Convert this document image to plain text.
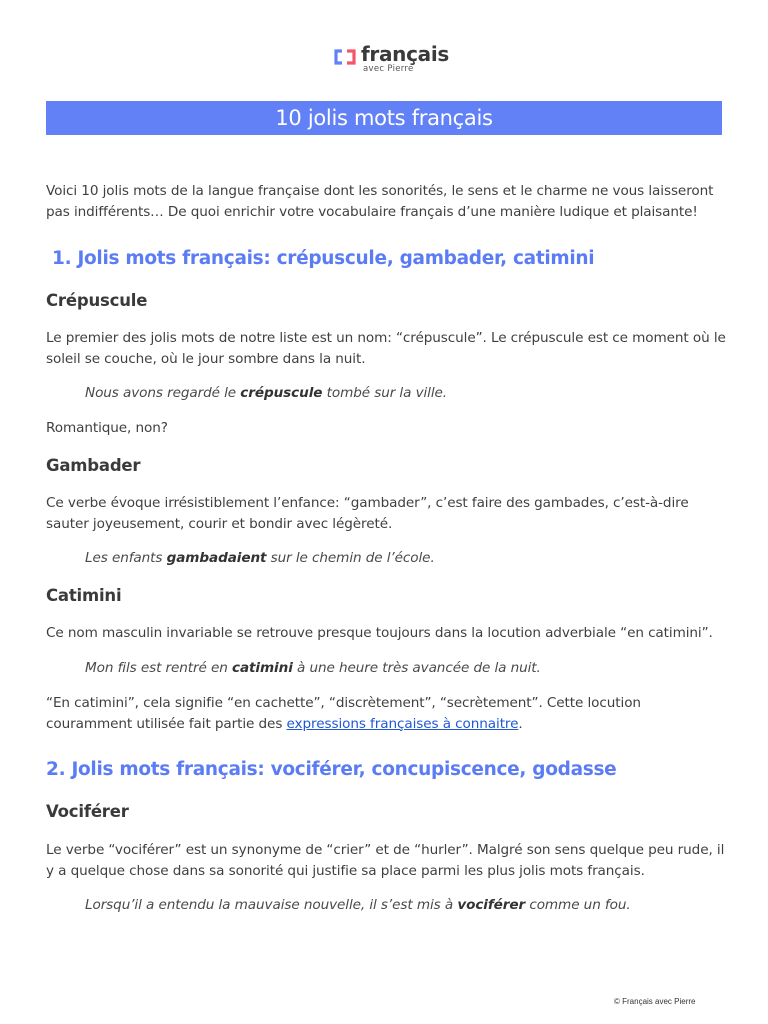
français
avec Pierre
10 jolis mots français
Voici 10 jolis mots de la langue française dont les sonorités, le sens et le charme ne vous laisseront pas indifférents… De quoi enrichir votre vocabulaire français d’une manière ludique et plaisante!
1. Jolis mots français: crépuscule, gambader, catimini
Crépuscule
Le premier des jolis mots de notre liste est un nom: “crépuscule”. Le crépuscule est ce moment où le soleil se couche, où le jour sombre dans la nuit.
Nous avons regardé le crépuscule tombé sur la ville.
Romantique, non?
Gambader
Ce verbe évoque irrésistiblement l’enfance: “gambader”, c’est faire des gambades, c’est-à-dire sauter joyeusement, courir et bondir avec légèreté.
Les enfants gambadaient sur le chemin de l’école.
Catimini
Ce nom masculin invariable se retrouve presque toujours dans la locution adverbiale “en catimini”.
Mon fils est rentré en catimini à une heure très avancée de la nuit.
“En catimini”, cela signifie “en cachette”, “discrètement”, “secrètement”. Cette locution couramment utilisée fait partie des expressions françaises à connaitre.
2. Jolis mots français: vociférer, concupiscence, godasse
Vociférer
Le verbe “vociférer” est un synonyme de “crier” et de “hurler”. Malgré son sens quelque peu rude, il y a quelque chose dans sa sonorité qui justifie sa place parmi les plus jolis mots français.
Lorsqu’il a entendu la mauvaise nouvelle, il s’est mis à vociférer comme un fou.
© Français avec Pierre
